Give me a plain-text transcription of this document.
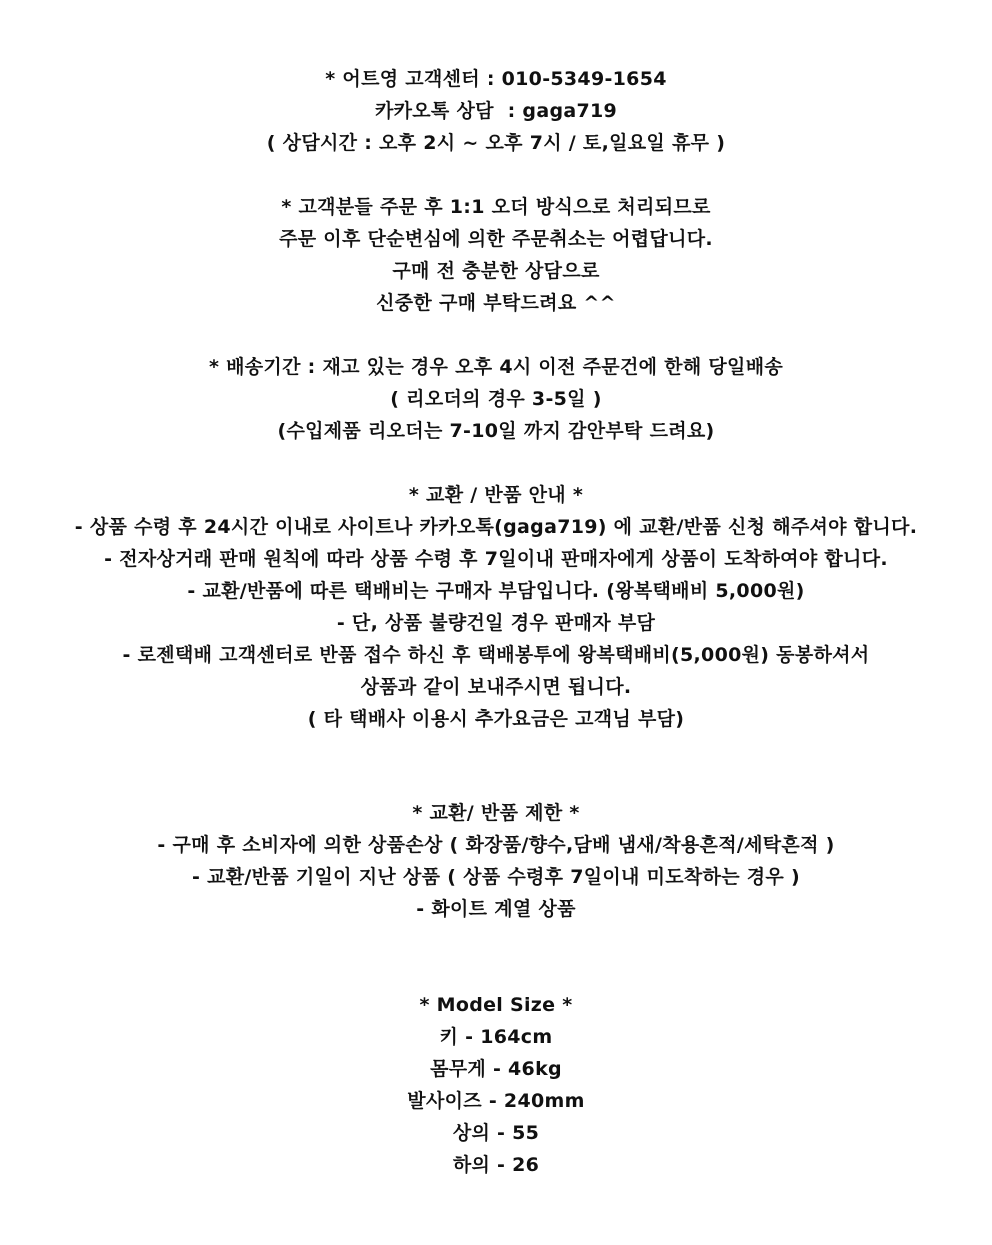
* 어트영 고객센터 : 010-5349-1654
카카오톡 상담  : gaga719
( 상담시간 : 오후 2시 ~ 오후 7시 / 토,일요일 휴무 )
* 고객분들 주문 후 1:1 오더 방식으로 처리되므로
주문 이후 단순변심에 의한 주문취소는 어렵답니다.
구매 전 충분한 상담으로
신중한 구매 부탁드려요 ^^
* 배송기간 : 재고 있는 경우 오후 4시 이전 주문건에 한해 당일배송
( 리오더의 경우 3-5일 )
(수입제품 리오더는 7-10일 까지 감안부탁 드려요)
* 교환 / 반품 안내 *
- 상품 수령 후 24시간 이내로 사이트나 카카오톡(gaga719) 에 교환/반품 신청 해주셔야 합니다.
- 전자상거래 판매 원칙에 따라 상품 수령 후 7일이내 판매자에게 상품이 도착하여야 합니다.
- 교환/반품에 따른 택배비는 구매자 부담입니다. (왕복택배비 5,000원)
- 단, 상품 불량건일 경우 판매자 부담
- 로젠택배 고객센터로 반품 접수 하신 후 택배봉투에 왕복택배비(5,000원) 동봉하셔서
상품과 같이 보내주시면 됩니다.
( 타 택배사 이용시 추가요금은 고객님 부담)
* 교환/ 반품 제한 *
- 구매 후 소비자에 의한 상품손상 ( 화장품/향수,담배 냄새/착용흔적/세탁흔적 )
- 교환/반품 기일이 지난 상품 ( 상품 수령후 7일이내 미도착하는 경우 )
- 화이트 계열 상품
* Model Size *
키 - 164cm
몸무게 - 46kg
발사이즈 - 240mm
상의 - 55
하의 - 26
